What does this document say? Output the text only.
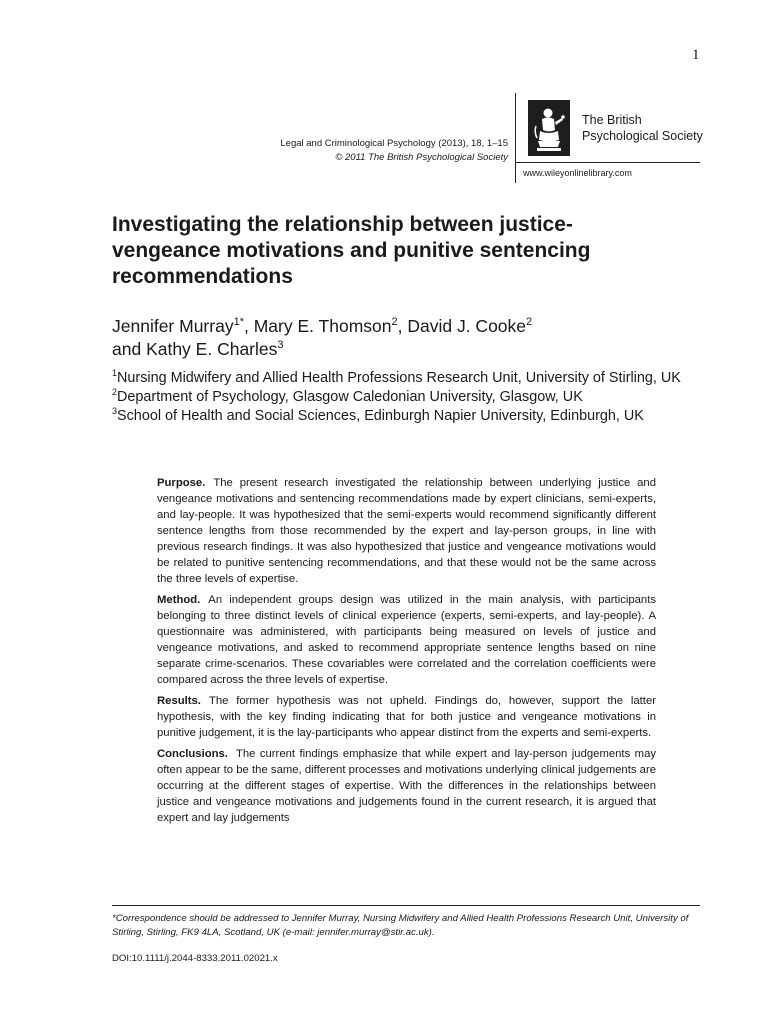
1
Legal and Criminological Psychology (2013), 18, 1–15
© 2011 The British Psychological Society
The British
Psychological Society
www.wileyonlinelibrary.com
Investigating the relationship between justice-vengeance motivations and punitive sentencing recommendations
Jennifer Murray$^{1*}$, Mary E. Thomson$^2$, David J. Cooke$^2$
and Kathy E. Charles$^3$
$^1$Nursing Midwifery and Allied Health Professions Research Unit, University of Stirling, UK
$^2$Department of Psychology, Glasgow Caledonian University, Glasgow, UK
$^3$School of Health and Social Sciences, Edinburgh Napier University, Edinburgh, UK

Purpose. The present research investigated the relationship between underlying justice and vengeance motivations and sentencing recommendations made by expert clinicians, semi-experts, and lay-people. It was hypothesized that the semi-experts would recommend significantly different sentence lengths from those recommended by the expert and lay-person groups, in line with previous research findings. It was also hypothesized that justice and vengeance motivations would be related to punitive sentencing recommendations, and that these would not be the same across the three levels of expertise.

Method. An independent groups design was utilized in the main analysis, with participants belonging to three distinct levels of clinical experience (experts, semi-experts, and lay-people). A questionnaire was administered, with participants being measured on levels of justice and vengeance motivations, and asked to recommend appropriate sentence lengths based on nine separate crime-scenarios. These covariables were correlated and the correlation coefficients were compared across the three levels of expertise.

Results. The former hypothesis was not upheld. Findings do, however, support the latter hypothesis, with the key finding indicating that for both justice and vengeance motivations in punitive judgement, it is the lay-participants who appear distinct from the experts and semi-experts.

Conclusions. The current findings emphasize that while expert and lay-person judgements may often appear to be the same, different processes and motivations underlying clinical judgements are occurring at the different stages of expertise. With the differences in the relationships between justice and vengeance motivations and judgements found in the current research, it is argued that expert and lay judgements

*Correspondence should be addressed to Jennifer Murray, Nursing Midwifery and Allied Health Professions Research Unit, University of Stirling, Stirling, FK9 4LA, Scotland, UK (e-mail: jennifer.murray@stir.ac.uk).
DOI:10.1111/j.2044-8333.2011.02021.x
